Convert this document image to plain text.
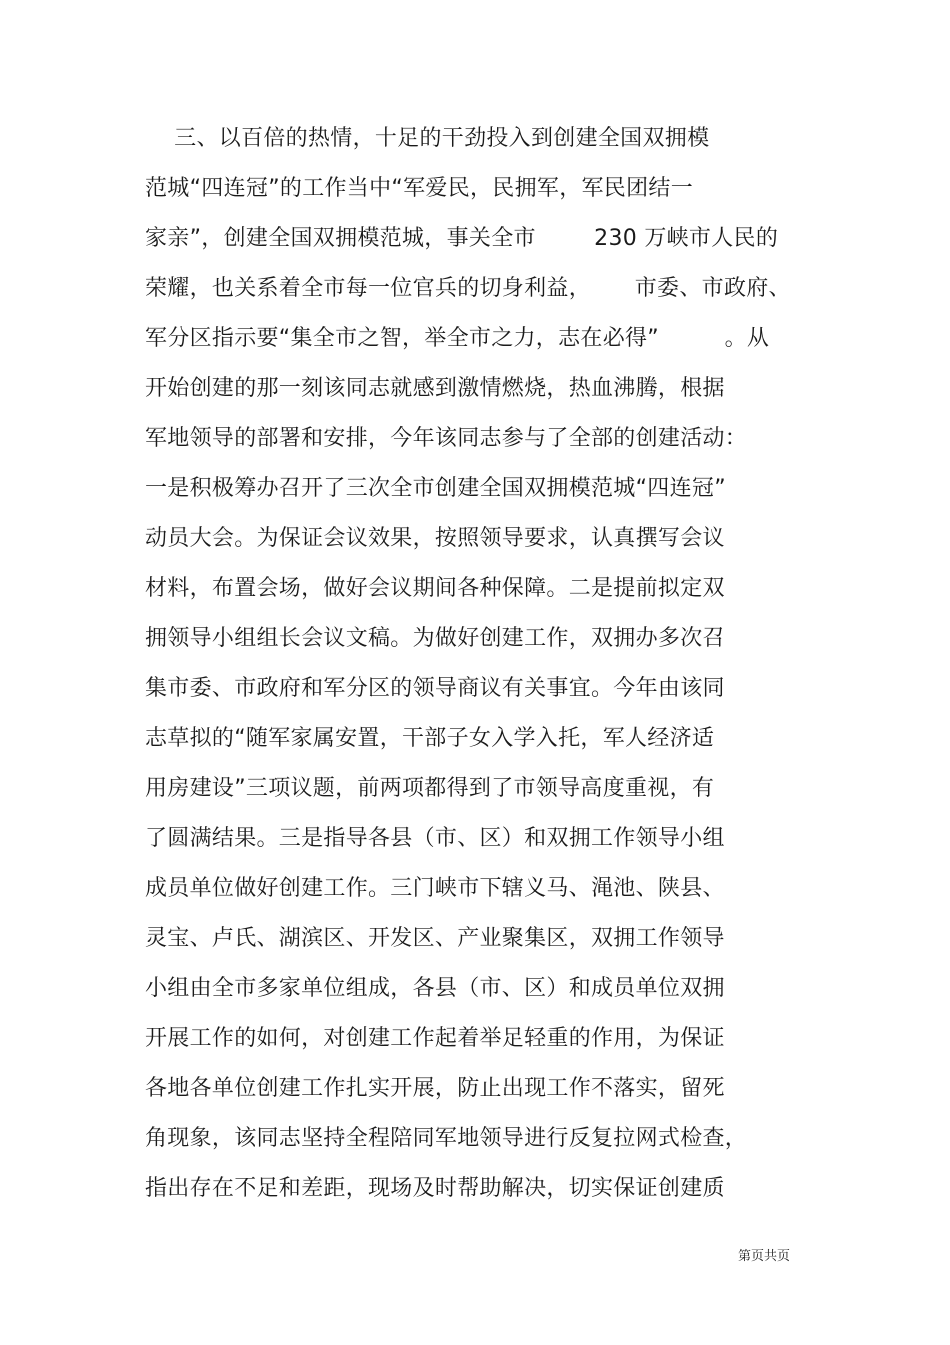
三、以百倍的热情，十足的干劲投入到创建全国双拥模
范城“四连冠”的工作当中“军爱民，民拥军，军民团结一
家亲”，创建全国双拥模范城，事关全市        230 万峡市人民的
荣耀，也关系着全市每一位官兵的切身利益，      市委、市政府、
军分区指示要“集全市之智，举全市之力，志在必得”         。从
开始创建的那一刻该同志就感到激情燃烧，热血沸腾，根据
军地领导的部署和安排，今年该同志参与了全部的创建活动：
一是积极筹办召开了三次全市创建全国双拥模范城“四连冠”
动员大会。为保证会议效果，按照领导要求，认真撰写会议
材料，布置会场，做好会议期间各种保障。二是提前拟定双
拥领导小组组长会议文稿。为做好创建工作，双拥办多次召
集市委、市政府和军分区的领导商议有关事宜。今年由该同
志草拟的“随军家属安置，干部子女入学入托，军人经济适
用房建设”三项议题，前两项都得到了市领导高度重视，有
了圆满结果。三是指导各县（市、区）和双拥工作领导小组
成员单位做好创建工作。三门峡市下辖义马、渑池、陕县、
灵宝、卢氏、湖滨区、开发区、产业聚集区，双拥工作领导
小组由全市多家单位组成，各县（市、区）和成员单位双拥
开展工作的如何，对创建工作起着举足轻重的作用，为保证
各地各单位创建工作扎实开展，防止出现工作不落实，留死
角现象，该同志坚持全程陪同军地领导进行反复拉网式检查，
指出存在不足和差距，现场及时帮助解决，切实保证创建质
第页共页
